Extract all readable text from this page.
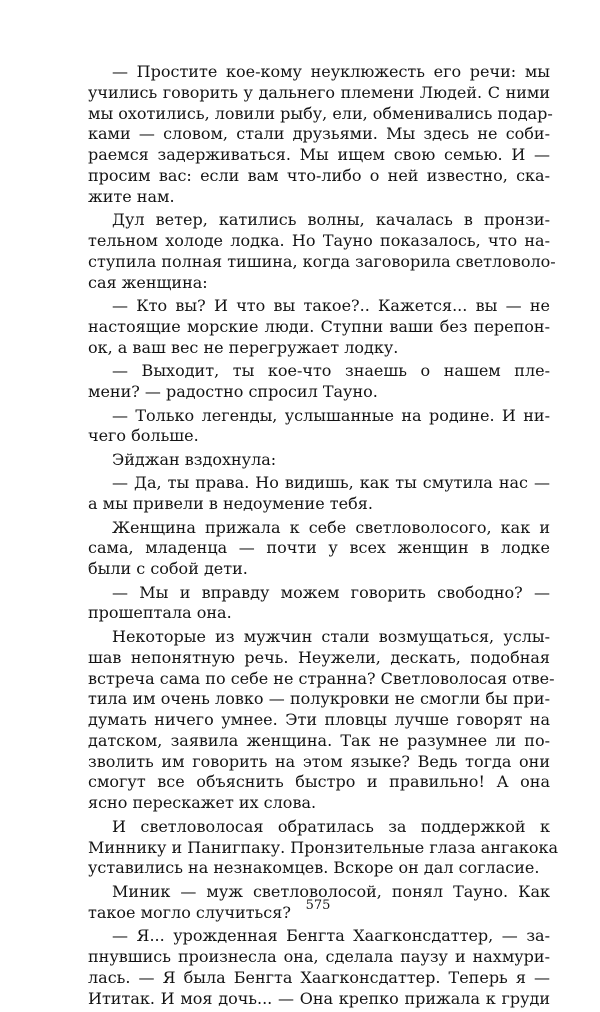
— Простите кое-кому неуклюжесть его речи: мы
учились говорить у дальнего племени Людей. С ними
мы охотились, ловили рыбу, ели, обменивались подар-
ками — словом, стали друзьями. Мы здесь не соби-
раемся задерживаться. Мы ищем свою семью. И —
просим вас: если вам что-либо о ней известно, ска-
жите нам.
Дул ветер, катились волны, качалась в пронзи-
тельном холоде лодка. Но Тауно показалось, что на-
ступила полная тишина, когда заговорила светловоло-
сая женщина:
— Кто вы? И что вы такое?.. Кажется... вы — не
настоящие морские люди. Ступни ваши без перепон-
ок, а ваш вес не перегружает лодку.
— Выходит, ты кое-что знаешь о нашем пле-
мени? — радостно спросил Тауно.
— Только легенды, услышанные на родине. И ни-
чего больше.
Эйджан вздохнула:
— Да, ты права. Но видишь, как ты смутила нас —
а мы привели в недоумение тебя.
Женщина прижала к себе светловолосого, как и
сама, младенца — почти у всех женщин в лодке
были с собой дети.
— Мы и вправду можем говорить свободно? —
прошептала она.
Некоторые из мужчин стали возмущаться, услы-
шав непонятную речь. Неужели, дескать, подобная
встреча сама по себе не странна? Светловолосая отве-
тила им очень ловко — полукровки не смогли бы при-
думать ничего умнее. Эти пловцы лучше говорят на
датском, заявила женщина. Так не разумнее ли по-
зволить им говорить на этом языке? Ведь тогда они
смогут все объяснить быстро и правильно! А она
ясно перескажет их слова.
И светловолосая обратилась за поддержкой к
Миннику и Панигпаку. Пронзительные глаза ангакока
уставились на незнакомцев. Вскоре он дал согласие.
Миник — муж светловолосой, понял Тауно. Как
такое могло случиться?
— Я... урожденная Бенгта Хаагконсдаттер, — за-
пнувшись произнесла она, сделала паузу и нахмури-
лась. — Я была Бенгта Хаагконсдаттер. Теперь я —
Ититак. И моя дочь... — Она крепко прижала к груди
575
